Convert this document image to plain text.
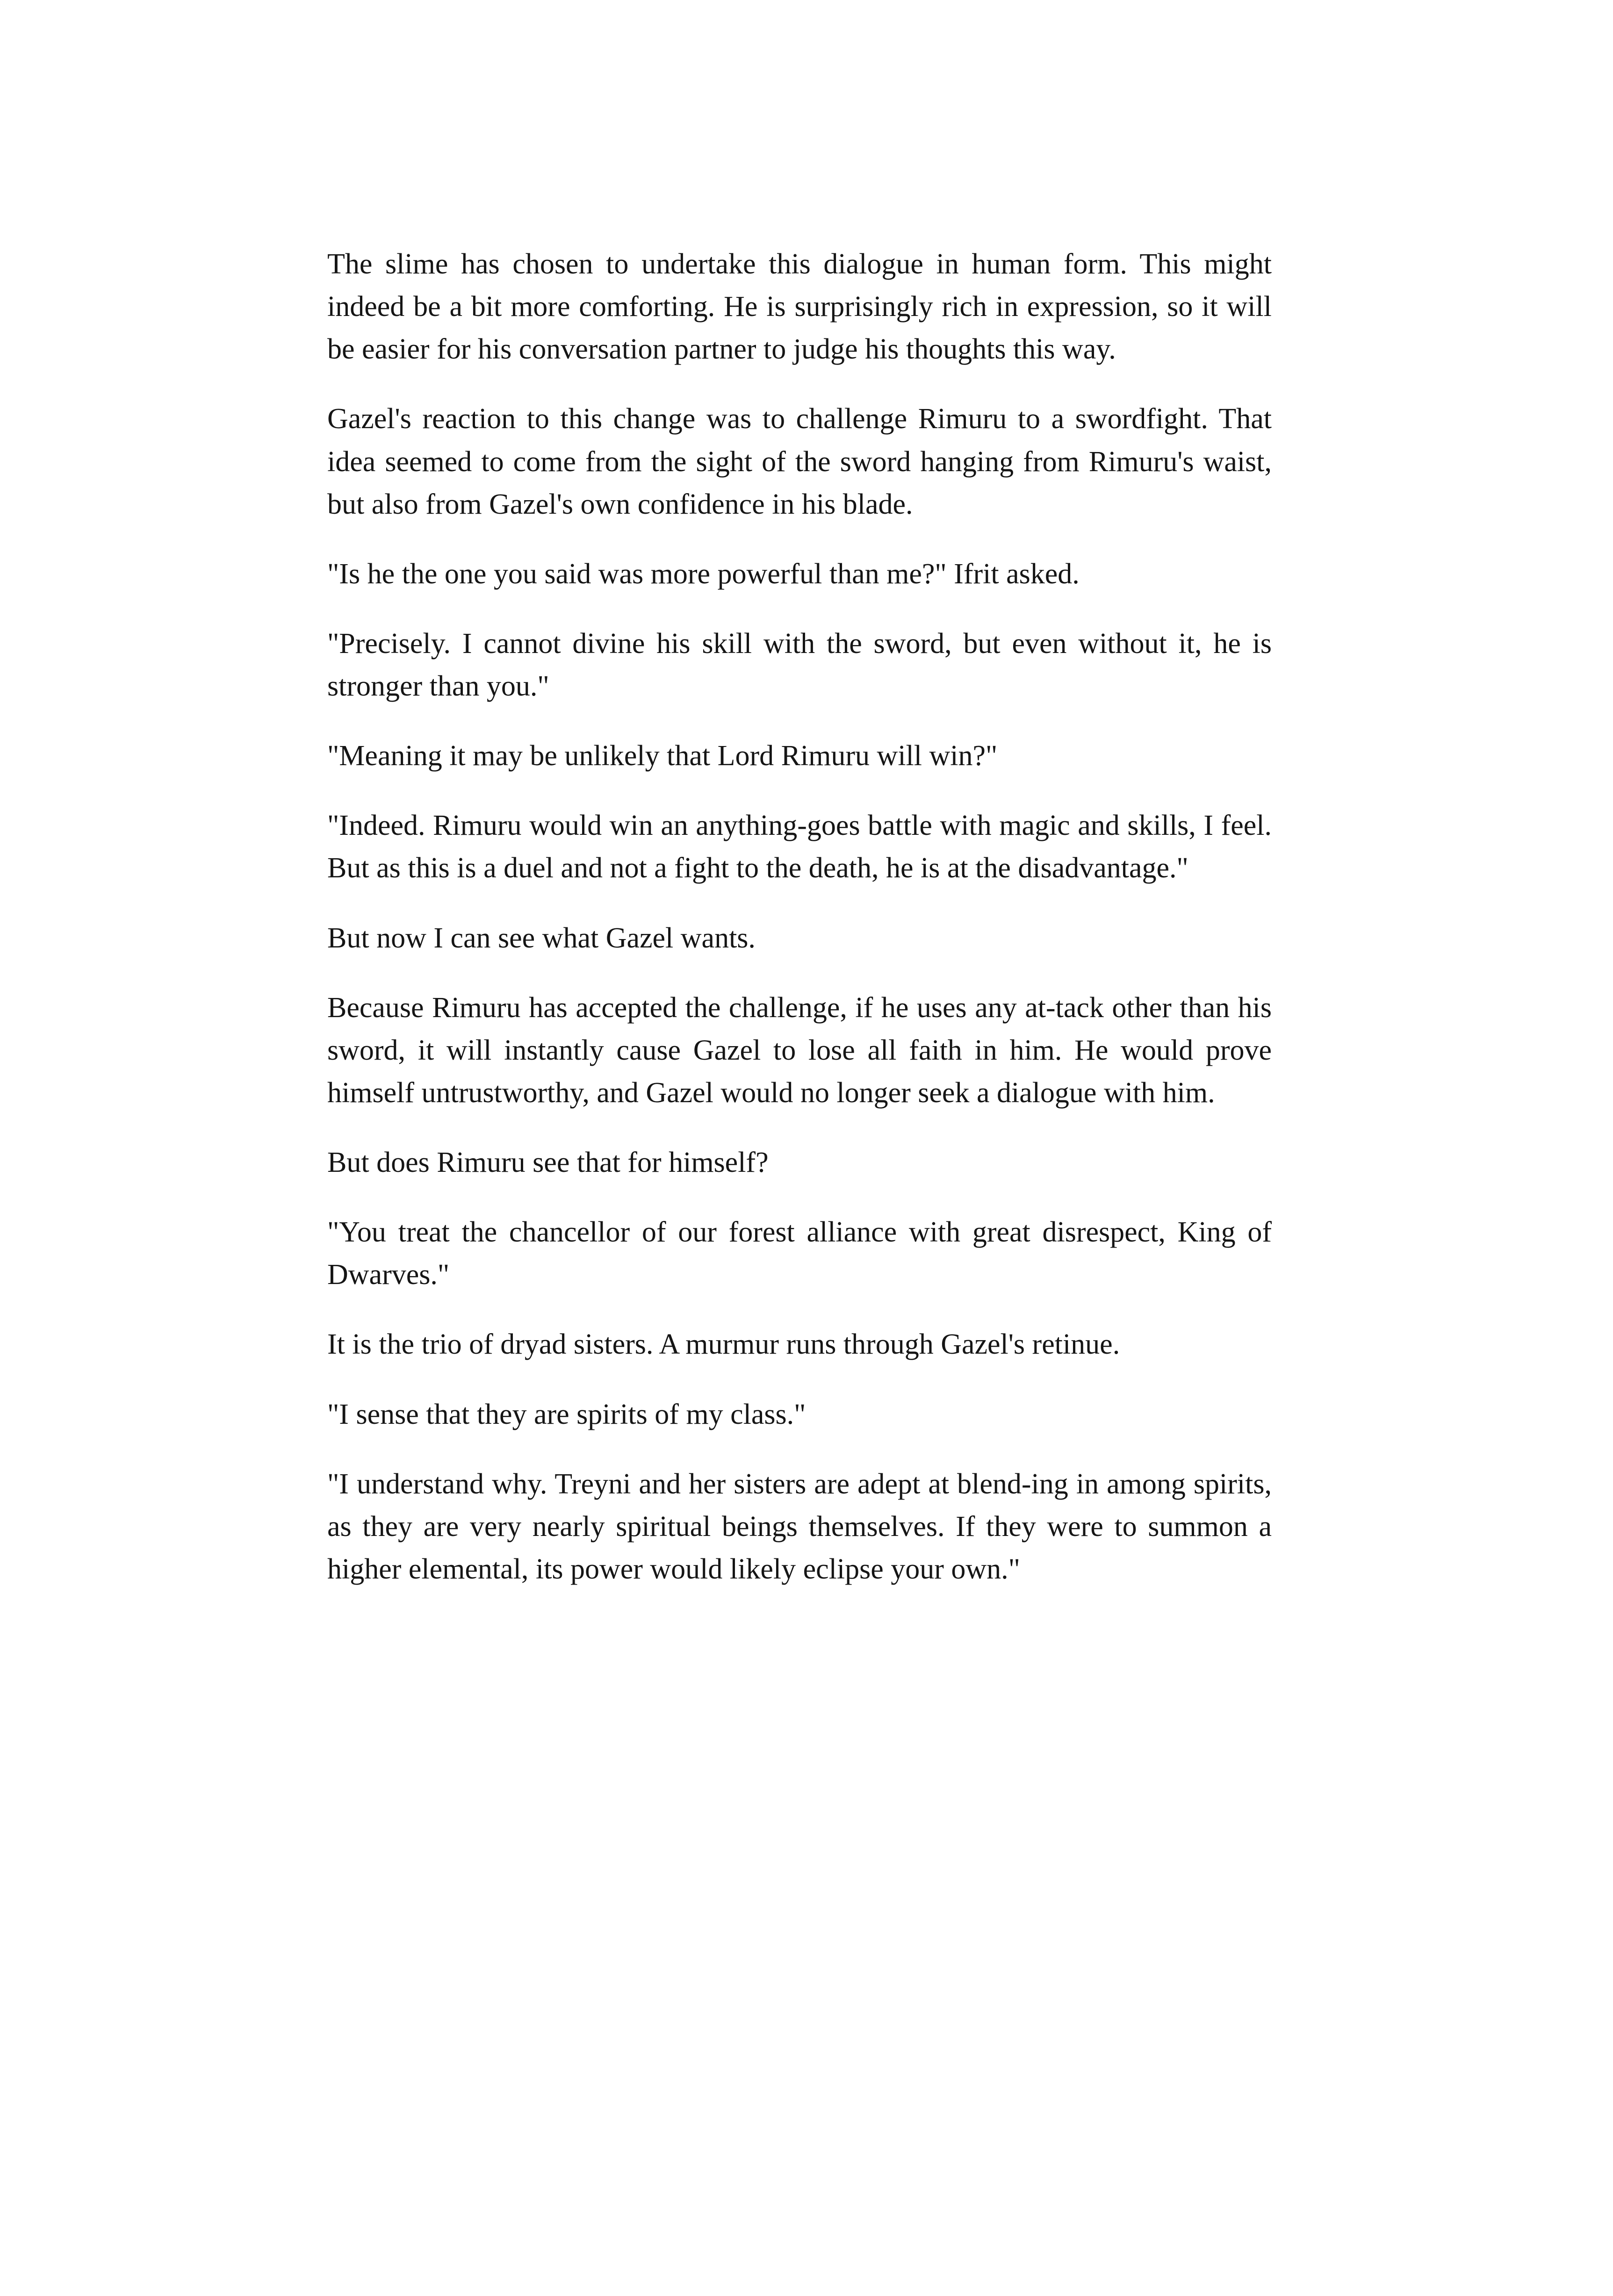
The slime has chosen to undertake this dialogue in human form. This might indeed be a bit more comforting. He is surprisingly rich in expression, so it will be easier for his conversation partner to judge his thoughts this way.

Gazel's reaction to this change was to challenge Rimuru to a swordfight. That idea seemed to come from the sight of the sword hanging from Rimuru's waist, but also from Gazel's own confidence in his blade.

"Is he the one you said was more powerful than me?" Ifrit asked.

"Precisely. I cannot divine his skill with the sword, but even without it, he is stronger than you."

"Meaning it may be unlikely that Lord Rimuru will win?"

"Indeed. Rimuru would win an anything-goes battle with magic and skills, I feel. But as this is a duel and not a fight to the death, he is at the disadvantage."

But now I can see what Gazel wants.

Because Rimuru has accepted the challenge, if he uses any at-tack other than his sword, it will instantly cause Gazel to lose all faith in him. He would prove himself untrustworthy, and Gazel would no longer seek a dialogue with him.

But does Rimuru see that for himself?

"You treat the chancellor of our forest alliance with great disrespect, King of Dwarves."

It is the trio of dryad sisters. A murmur runs through Gazel's retinue.

"I sense that they are spirits of my class."

"I understand why. Treyni and her sisters are adept at blend-ing in among spirits, as they are very nearly spiritual beings themselves. If they were to summon a higher elemental, its power would likely eclipse your own."
